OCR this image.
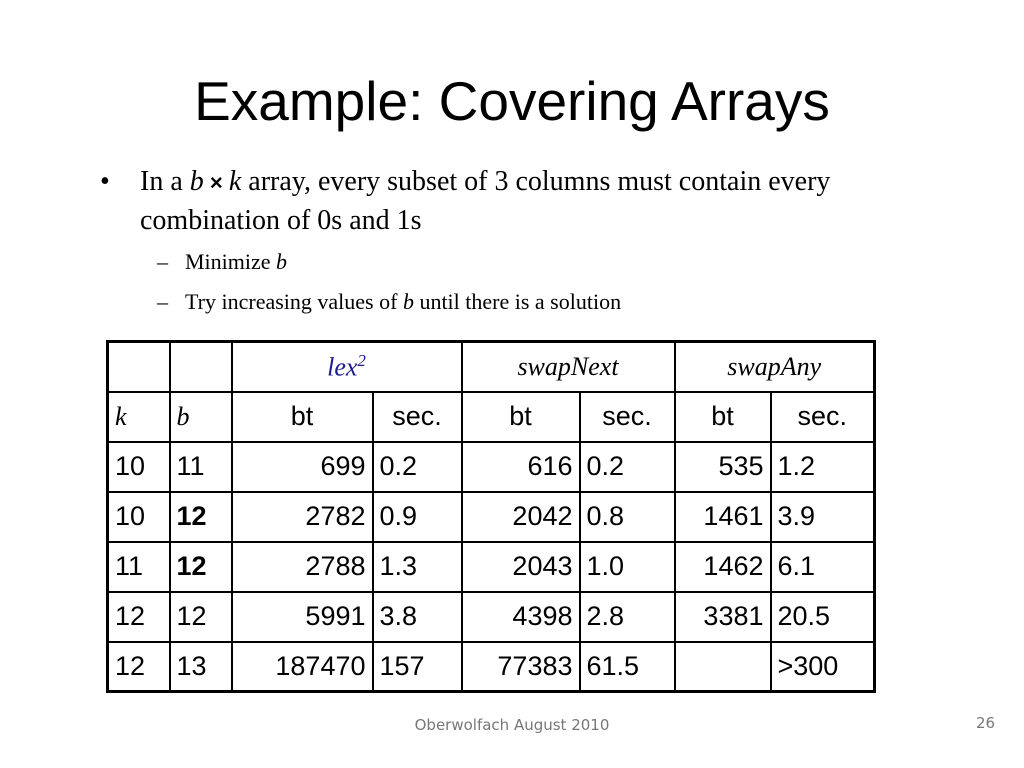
Example: Covering Arrays
• In a b × k array, every subset of 3 columns must contain every combination of 0s and 1s
– Minimize b
– Try increasing values of b until there is a solution
		lex$^2$		swapNext		swapAny	
k	b	bt	sec.	bt	sec.	bt	sec.
10	11	699	0.2	616	0.2	535	1.2
10	12	2782	0.9	2042	0.8	1461	3.9
11	12	2788	1.3	2043	1.0	1462	6.1
12	12	5991	3.8	4398	2.8	3381	20.5
12	13	187470	157	77383	61.5		>300
Oberwolfach August 2010	26
